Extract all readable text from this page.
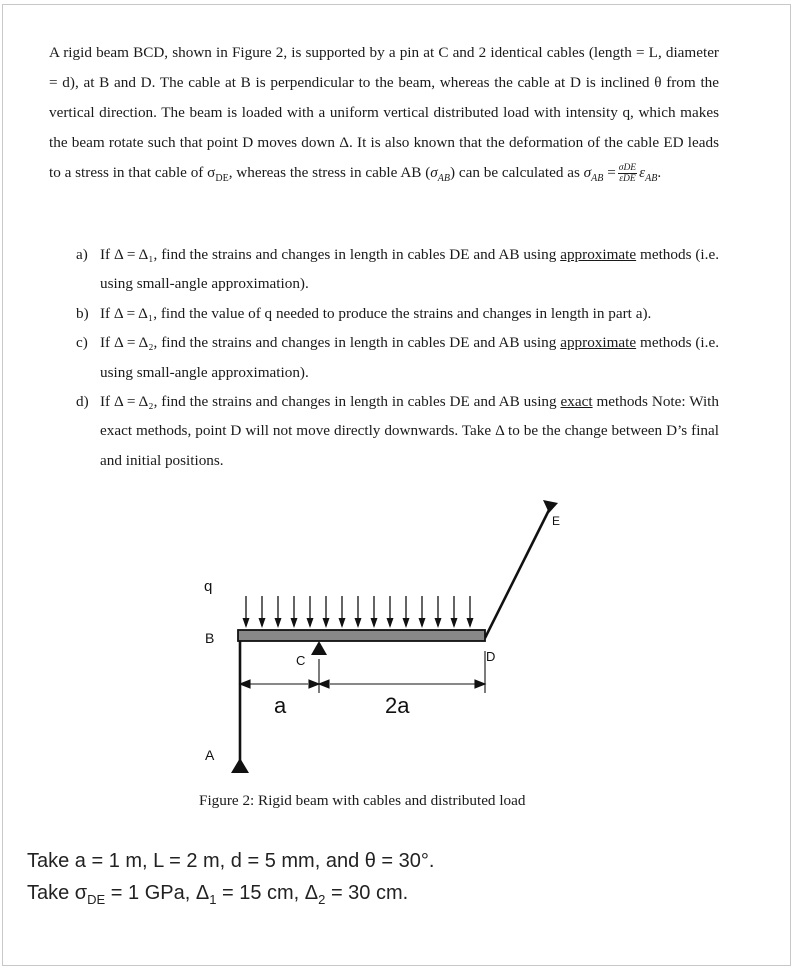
A rigid beam BCD, shown in Figure 2, is supported by a pin at C and 2 identical cables (length = L, diameter = d), at B and D. The cable at B is perpendicular to the beam, whereas the cable at D is inclined θ from the vertical direction. The beam is loaded with a uniform vertical distributed load with intensity q, which makes the beam rotate such that point D moves down Δ. It is also known that the deformation of the cable ED leads to a stress in that cable of $\sigma_{DE}$, whereas the stress in cable AB $(\sigma_{AB})$ can be calculated as $\sigma_{AB} = \frac{\text{σDE}}{\text{εDE}} \varepsilon_{AB}$.

a) If Δ = Δ₁, find the strains and changes in length in cables DE and AB using approximate methods (i.e. using small-angle approximation).
b) If Δ = Δ₁, find the value of q needed to produce the strains and changes in length in part a).
c) If Δ = Δ₂, find the strains and changes in length in cables DE and AB using approximate methods (i.e. using small-angle approximation).
d) If Δ = Δ₂, find the strains and changes in length in cables DE and AB using exact methods Note: With exact methods, point D will not move directly downwards. Take Δ to be the change between D’s final and initial positions.
q
B
C	D
E
A
a	2a
Figure 2: Rigid beam with cables and distributed load
Take a = 1 m, L = 2 m, d = 5 mm, and θ = 30°.
Take $\sigma_{DE} = 1$ GPa, $\Delta_1 = 15$ cm, $\Delta_2 = 30$ cm.
